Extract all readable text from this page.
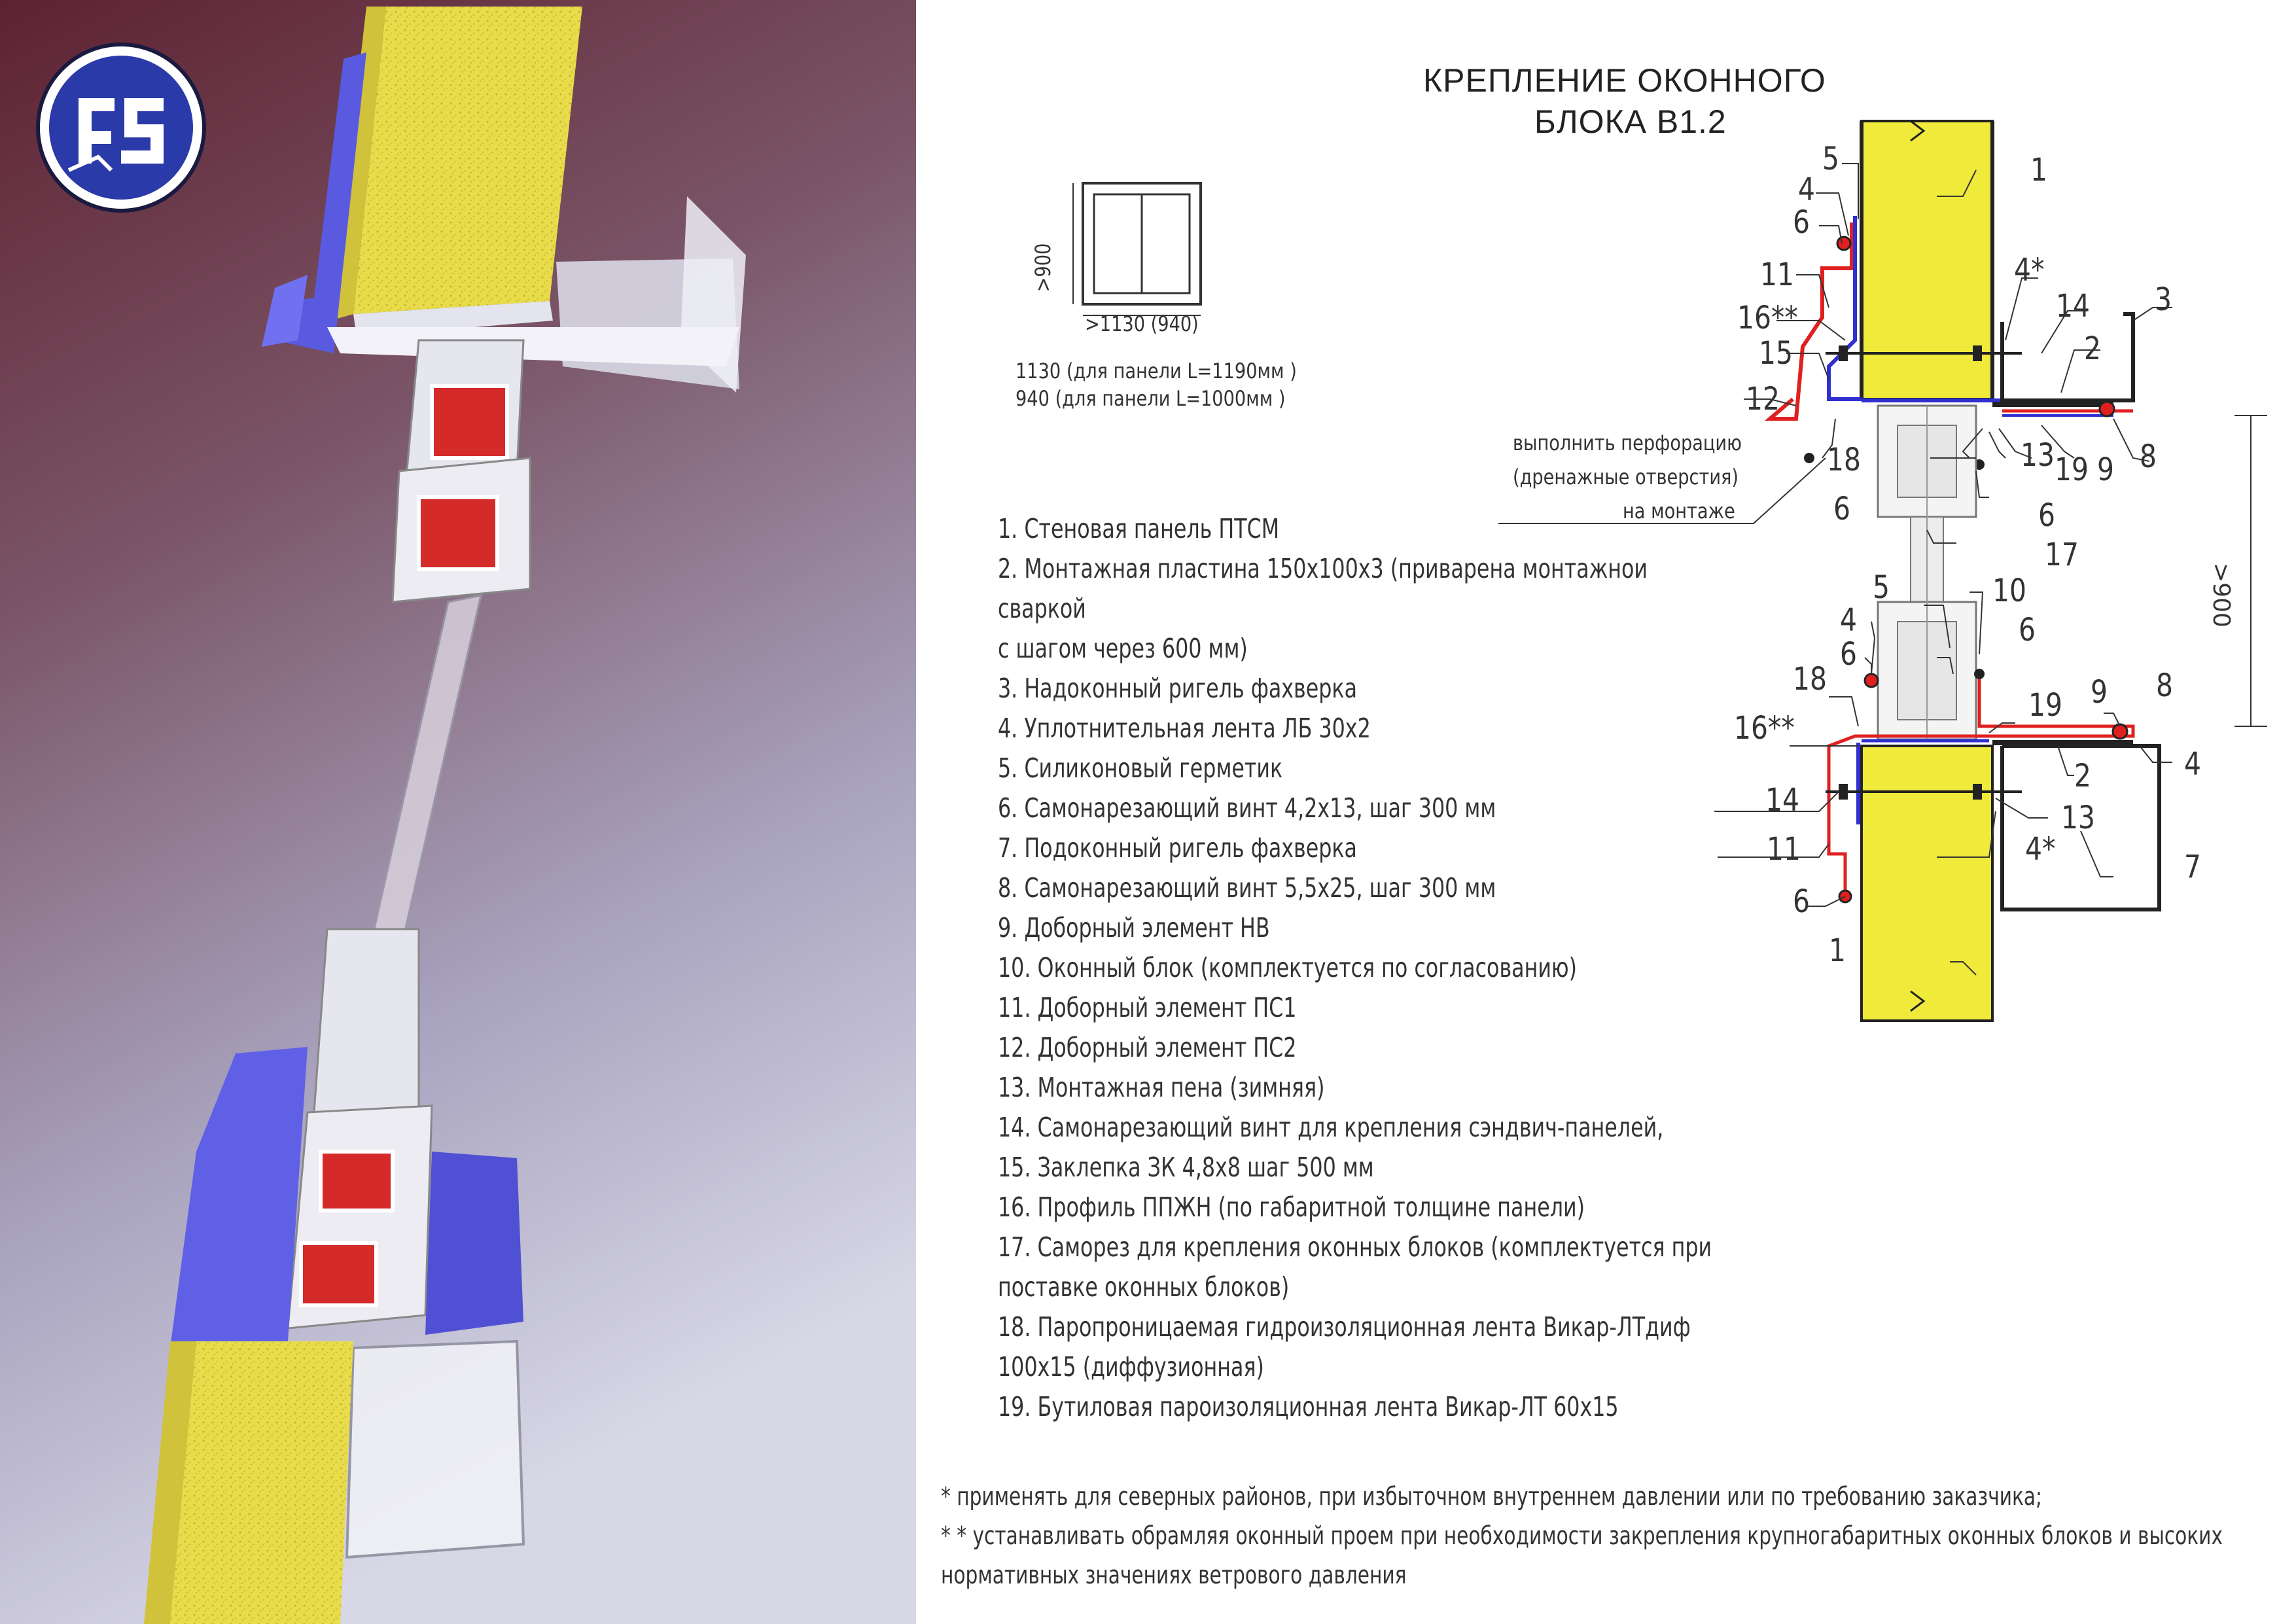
КРЕПЛЕНИЕ ОКОННОГО
БЛОКА В1.2
>900
>1130 (940)
1130 (для панели L=1190мм )
940 (для панели L=1000мм )
выполнить перфорацию
(дренажные отверстия)
на монтаже
5
4
6
1
4*
11
16**	14 3
15	2
12
18	13 19 9 8
6	6
17
5	10
4
6
6
18
19 9 8
16**
4
2
14	13
11	4*	7
6
1
>900
1. Стеновая панель ПТСМ
2. Монтажная пластина 150х100х3 (приварена монтажнои
сваркой
с шагом через 600 мм)
3. Надоконный ригель фахверка
4. Уплотнительная лента ЛБ 30х2
5. Силиконовый герметик
6. Самонарезающий винт 4,2х13, шаг 300 мм
7. Подоконный ригель фахверка
8. Самонарезающий винт 5,5х25, шаг 300 мм
9. Доборный элемент НВ
10. Оконный блок (комплектуется по согласованию)
11. Доборный элемент ПС1
12. Доборный элемент ПС2
13. Монтажная пена (зимняя)
14. Самонарезающий винт для крепления сэндвич-панелей,
15. Заклепка ЗК 4,8х8 шаг 500 мм
16. Профиль ППЖН (по габаритной толщине панели)
17. Саморез для крепления оконных блоков (комплектуется при
поставке оконных блоков)
18. Паропроницаемая гидроизоляционная лента Викар-ЛТдиф
100х15 (диффузионная)
19. Бутиловая пароизоляционная лента Викар-ЛТ 60х15
* применять для северных районов, при избыточном внутреннем давлении или по требованию заказчика;
* * устанавливать обрамляя оконный проем при необходимости закрепления крупногабаритных оконных блоков и высоких
нормативных значениях ветрового давления
